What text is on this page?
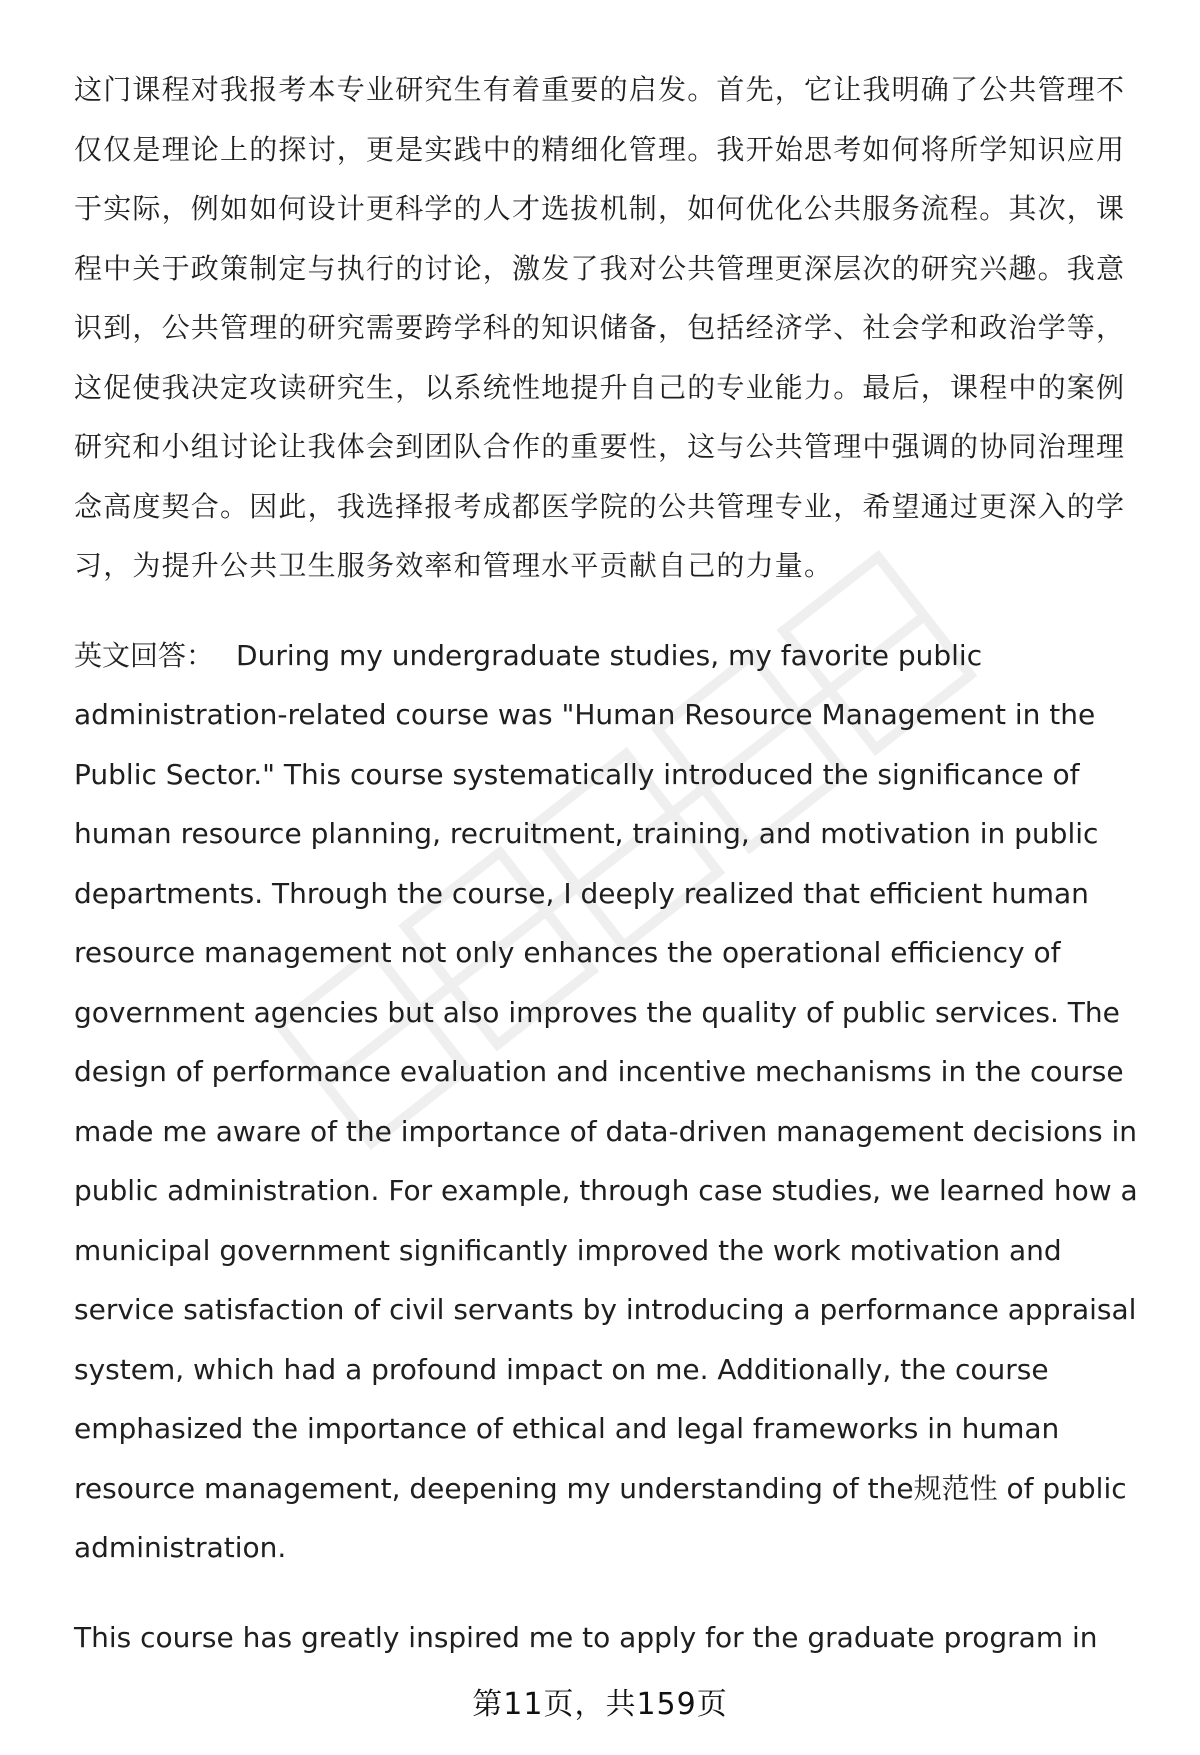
这门课程对我报考本专业研究生有着重要的启发。首先，它让我明确了公共管理不仅仅是理论上的探讨，更是实践中的精细化管理。我开始思考如何将所学知识应用于实际，例如如何设计更科学的人才选拔机制，如何优化公共服务流程。其次，课程中关于政策制定与执行的讨论，激发了我对公共管理更深层次的研究兴趣。我意识到，公共管理的研究需要跨学科的知识储备，包括经济学、社会学和政治学等，这促使我决定攻读研究生，以系统性地提升自己的专业能力。最后，课程中的案例研究和小组讨论让我体会到团队合作的重要性，这与公共管理中强调的协同治理理念高度契合。因此，我选择报考成都医学院的公共管理专业，希望通过更深入的学习，为提升公共卫生服务效率和管理水平贡献自己的力量。

英文回答： During my undergraduate studies, my favorite public administration-related course was "Human Resource Management in the Public Sector." This course systematically introduced the significance of human resource planning, recruitment, training, and motivation in public departments. Through the course, I deeply realized that efficient human resource management not only enhances the operational efficiency of government agencies but also improves the quality of public services. The design of performance evaluation and incentive mechanisms in the course made me aware of the importance of data-driven management decisions in public administration. For example, through case studies, we learned how a municipal government significantly improved the work motivation and service satisfaction of civil servants by introducing a performance appraisal system, which had a profound impact on me. Additionally, the course emphasized the importance of ethical and legal frameworks in human resource management, deepening my understanding of the规范性 of public administration.

This course has greatly inspired me to apply for the graduate program in

第11页，共159页
